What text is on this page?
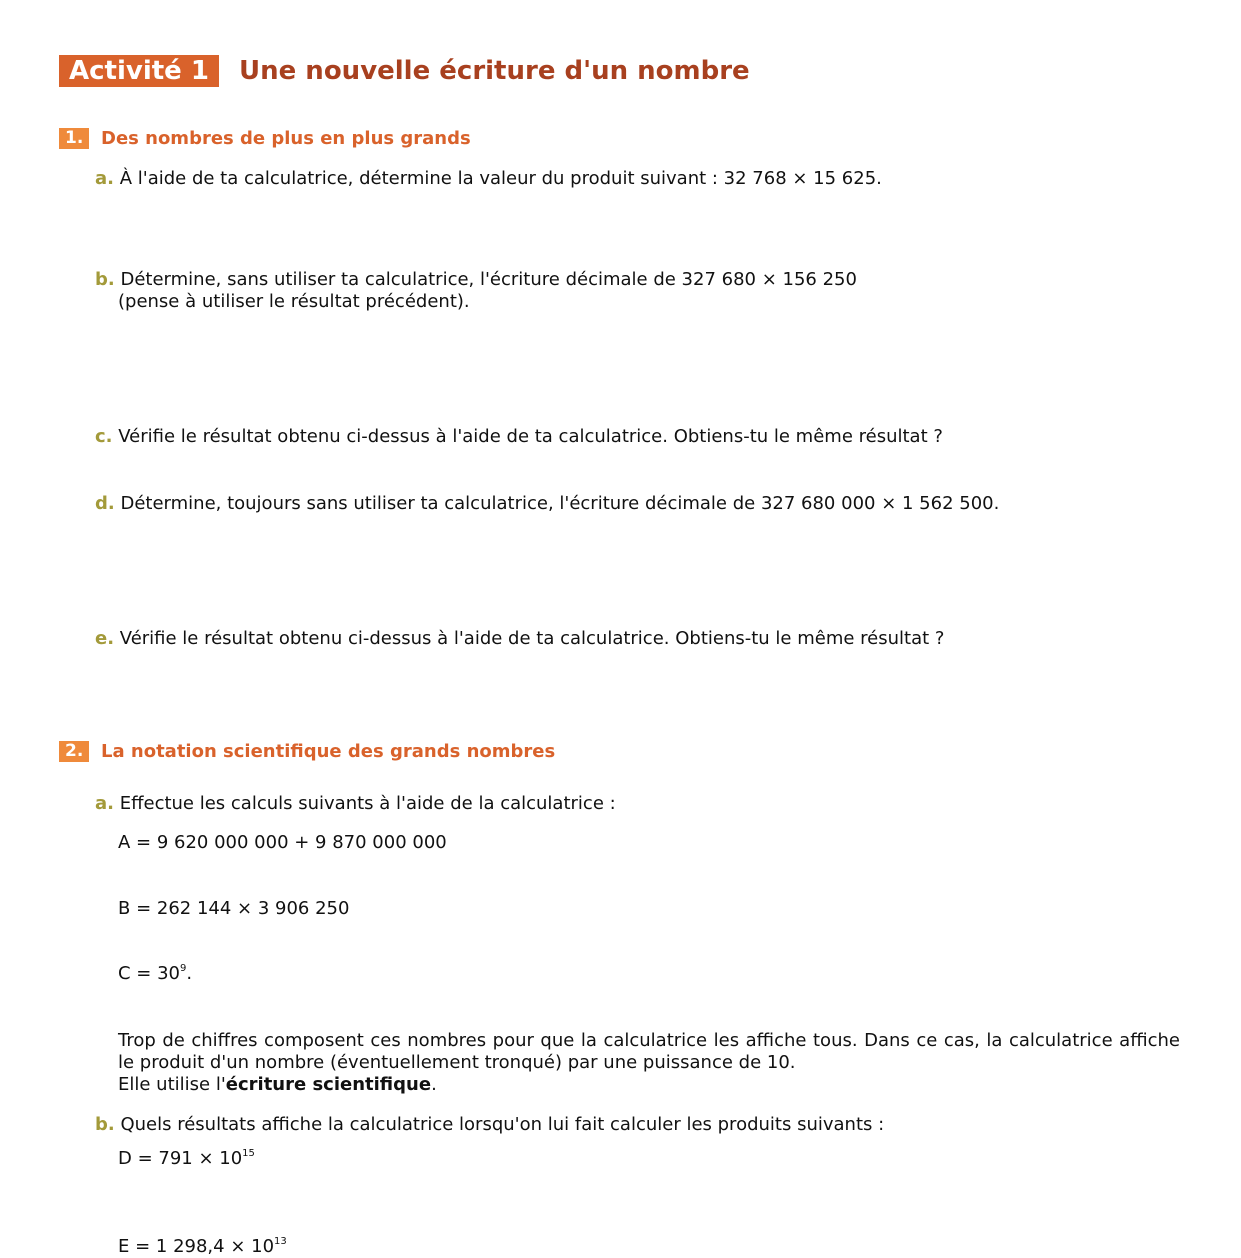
Activité 1	Une nouvelle écriture d'un nombre
1. Des nombres de plus en plus grands
a. À l'aide de ta calculatrice, détermine la valeur du produit suivant : 32 768 × 15 625.
b. Détermine, sans utiliser ta calculatrice, l'écriture décimale de 327 680 × 156 250
(pense à utiliser le résultat précédent).
c. Vérifie le résultat obtenu ci-dessus à l'aide de ta calculatrice. Obtiens-tu le même résultat ?
d. Détermine, toujours sans utiliser ta calculatrice, l'écriture décimale de 327 680 000 × 1 562 500.
e. Vérifie le résultat obtenu ci-dessus à l'aide de ta calculatrice. Obtiens-tu le même résultat ?
2. La notation scientifique des grands nombres
a. Effectue les calculs suivants à l'aide de la calculatrice :
A = 9 620 000 000 + 9 870 000 000
B = 262 144 × 3 906 250
$C = 30^9$.
Trop de chiffres composent ces nombres pour que la calculatrice les affiche tous. Dans ce cas, la calculatrice affiche le produit d'un nombre (éventuellement tronqué) par une puissance de 10.
Elle utilise l'écriture scientifique.
b. Quels résultats affiche la calculatrice lorsqu'on lui fait calculer les produits suivants :
$D = 791 \times 10^{15}$
E = 1 $298,4 \times 10^{13}$
